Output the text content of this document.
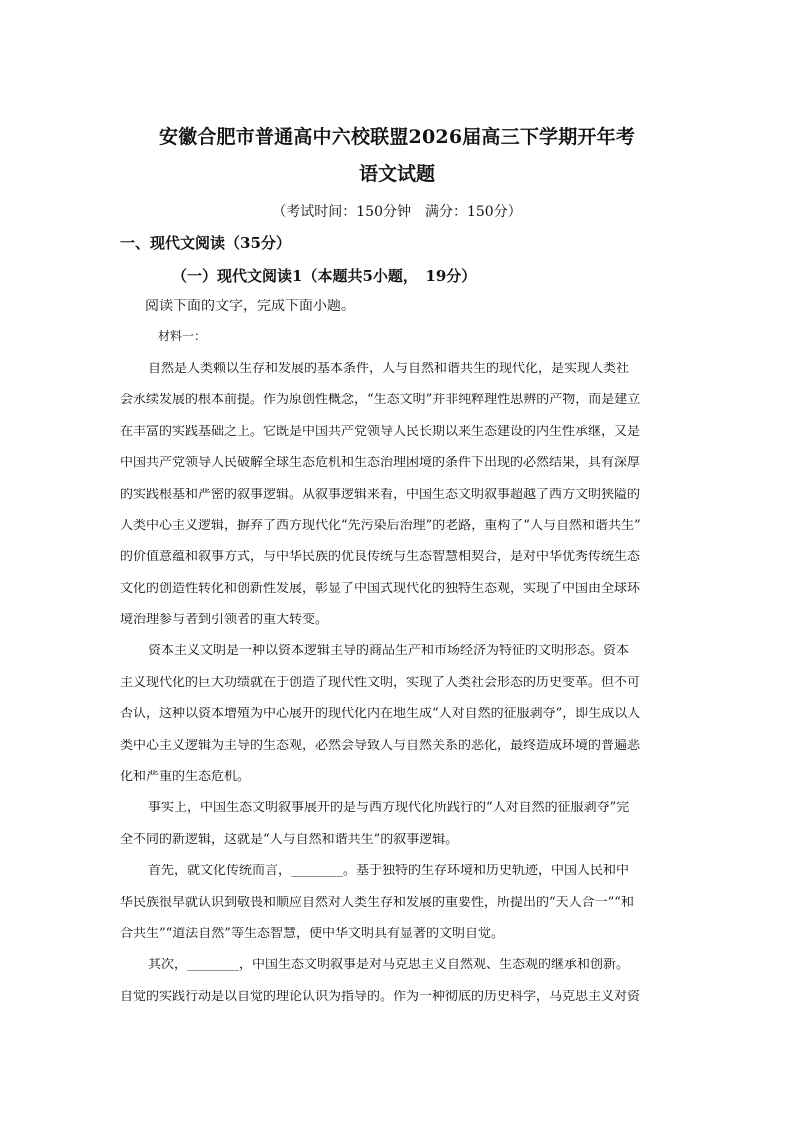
安徽合肥市普通高中六校联盟2026届高三下学期开年考
语文试题
（考试时间：150分钟　满分：150分）
一、现代文阅读（35分）
（一）现代文阅读1（本题共5小题，　19分）
阅读下面的文字，完成下面小题。
材料一：
自然是人类赖以生存和发展的基本条件，人与自然和谐共生的现代化，是实现人类社
会永续发展的根本前提。作为原创性概念，“生态文明”并非纯粹理性思辨的产物，而是建立
在丰富的实践基础之上。它既是中国共产党领导人民长期以来生态建设的内生性承继，又是
中国共产党领导人民破解全球生态危机和生态治理困境的条件下出现的必然结果，具有深厚
的实践根基和严密的叙事逻辑。从叙事逻辑来看，中国生态文明叙事超越了西方文明狭隘的
人类中心主义逻辑，摒弃了西方现代化“先污染后治理”的老路，重构了“人与自然和谐共生”
的价值意蕴和叙事方式，与中华民族的优良传统与生态智慧相契合，是对中华优秀传统生态
文化的创造性转化和创新性发展，彰显了中国式现代化的独特生态观，实现了中国由全球环
境治理参与者到引领者的重大转变。
资本主义文明是一种以资本逻辑主导的商品生产和市场经济为特征的文明形态。资本
主义现代化的巨大功绩就在于创造了现代性文明，实现了人类社会形态的历史变革。但不可
否认，这种以资本增殖为中心展开的现代化内在地生成“人对自然的征服剥夺”，即生成以人
类中心主义逻辑为主导的生态观，必然会导致人与自然关系的恶化，最终造成环境的普遍恶
化和严重的生态危机。
事实上，中国生态文明叙事展开的是与西方现代化所践行的“人对自然的征服剥夺”完
全不同的新逻辑，这就是“人与自然和谐共生”的叙事逻辑。
首先，就文化传统而言，________。基于独特的生存环境和历史轨迹，中国人民和中
华民族很早就认识到敬畏和顺应自然对人类生存和发展的重要性，所提出的“天人合一”“和
合共生”“道法自然”等生态智慧，使中华文明具有显著的文明自觉。
其次，________，中国生态文明叙事是对马克思主义自然观、生态观的继承和创新。
自觉的实践行动是以自觉的理论认识为指导的。作为一种彻底的历史科学，马克思主义对资
